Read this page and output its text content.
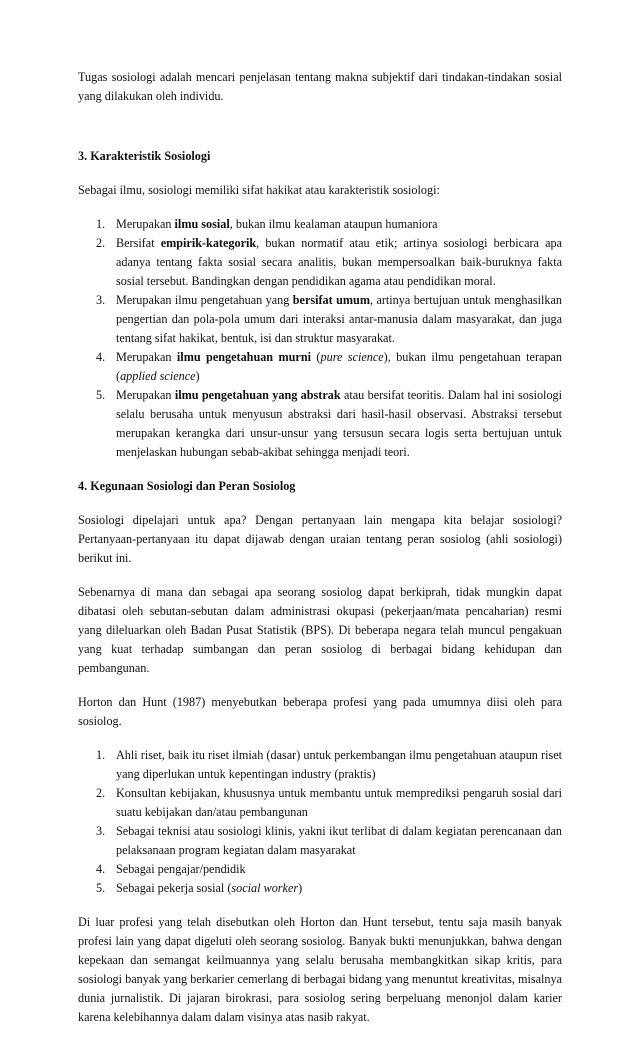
Tugas sosiologi adalah mencari penjelasan tentang makna subjektif dari tindakan-tindakan sosial yang dilakukan oleh individu.

3. Karakteristik Sosiologi

Sebagai ilmu, sosiologi memiliki sifat hakikat atau karakteristik sosiologi:

1. Merupakan ilmu sosial, bukan ilmu kealaman ataupun humaniora
2. Bersifat empirik-kategorik, bukan normatif atau etik; artinya sosiologi berbicara apa adanya tentang fakta sosial secara analitis, bukan mempersoalkan baik-buruknya fakta sosial tersebut. Bandingkan dengan pendidikan agama atau pendidikan moral.
3. Merupakan ilmu pengetahuan yang bersifat umum, artinya bertujuan untuk menghasilkan pengertian dan pola-pola umum dari interaksi antar-manusia dalam masyarakat, dan juga tentang sifat hakikat, bentuk, isi dan struktur masyarakat.
4. Merupakan ilmu pengetahuan murni (pure science), bukan ilmu pengetahuan terapan (applied science)
5. Merupakan ilmu pengetahuan yang abstrak atau bersifat teoritis. Dalam hal ini sosiologi selalu berusaha untuk menyusun abstraksi dari hasil-hasil observasi. Abstraksi tersebut merupakan kerangka dari unsur-unsur yang tersusun secara logis serta bertujuan untuk menjelaskan hubungan sebab-akibat sehingga menjadi teori.
4. Kegunaan Sosiologi dan Peran Sosiolog

Sosiologi dipelajari untuk apa? Dengan pertanyaan lain mengapa kita belajar sosiologi? Pertanyaan-pertanyaan itu dapat dijawab dengan uraian tentang peran sosiolog (ahli sosiologi) berikut ini.

Sebenarnya di mana dan sebagai apa seorang sosiolog dapat berkiprah, tidak mungkin dapat dibatasi oleh sebutan-sebutan dalam administrasi okupasi (pekerjaan/mata pencaharian) resmi yang dileluarkan oleh Badan Pusat Statistik (BPS). Di beberapa negara telah muncul pengakuan yang kuat terhadap sumbangan dan peran sosiolog di berbagai bidang kehidupan dan pembangunan.

Horton dan Hunt (1987) menyebutkan beberapa profesi yang pada umumnya diisi oleh para sosiolog.

1. Ahli riset, baik itu riset ilmiah (dasar) untuk perkembangan ilmu pengetahuan ataupun riset yang diperlukan untuk kepentingan industry (praktis)
2. Konsultan kebijakan, khususnya untuk membantu untuk memprediksi pengaruh sosial dari suatu kebijakan dan/atau pembangunan
3. Sebagai teknisi atau sosiologi klinis, yakni ikut terlibat di dalam kegiatan perencanaan dan pelaksanaan program kegiatan dalam masyarakat
4. Sebagai pengajar/pendidik
5. Sebagai pekerja sosial (social worker)

Di luar profesi yang telah disebutkan oleh Horton dan Hunt tersebut, tentu saja masih banyak profesi lain yang dapat digeluti oleh seorang sosiolog. Banyak bukti menunjukkan, bahwa dengan kepekaan dan semangat keilmuannya yang selalu berusaha membangkitkan sikap kritis, para sosiologi banyak yang berkarier cemerlang di berbagai bidang yang menuntut kreativitas, misalnya dunia jurnalistik. Di jajaran birokrasi, para sosiolog sering berpeluang menonjol dalam karier karena kelebihannya dalam dalam visinya atas nasib rakyat.
